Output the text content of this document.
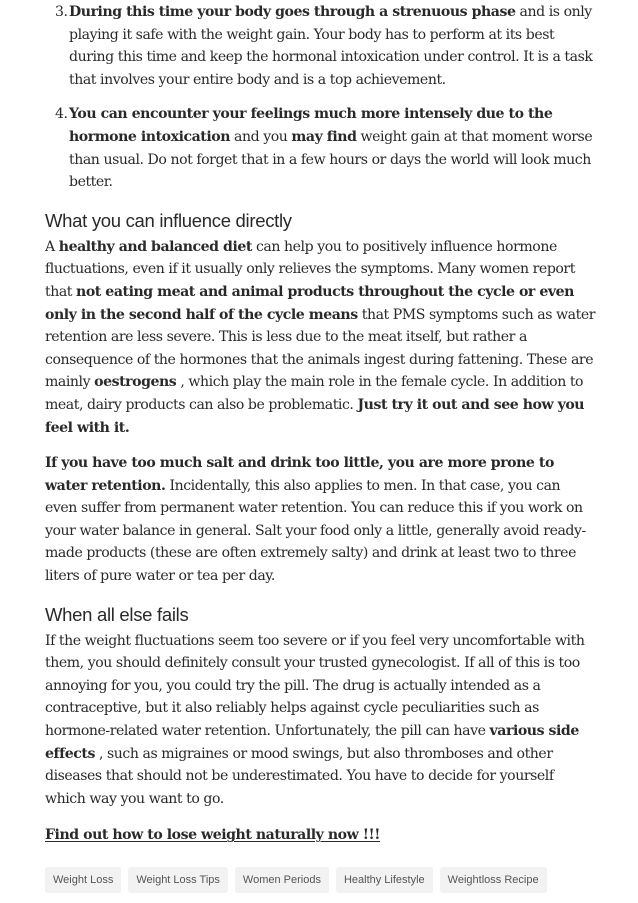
3. During this time your body goes through a strenuous phase and is only playing it safe with the weight gain. Your body has to perform at its best during this time and keep the hormonal intoxication under control. It is a task that involves your entire body and is a top achievement.
4. You can encounter your feelings much more intensely due to the hormone intoxication and you may find weight gain at that moment worse than usual. Do not forget that in a few hours or days the world will look much better.
What you can influence directly

A healthy and balanced diet can help you to positively influence hormone fluctuations, even if it usually only relieves the symptoms. Many women report that not eating meat and animal products throughout the cycle or even only in the second half of the cycle means that PMS symptoms such as water retention are less severe. This is less due to the meat itself, but rather a consequence of the hormones that the animals ingest during fattening. These are mainly oestrogens , which play the main role in the female cycle. In addition to meat, dairy products can also be problematic. Just try it out and see how you feel with it.

If you have too much salt and drink too little, you are more prone to water retention. Incidentally, this also applies to men. In that case, you can even suffer from permanent water retention. You can reduce this if you work on your water balance in general. Salt your food only a little, generally avoid ready-made products (these are often extremely salty) and drink at least two to three liters of pure water or tea per day.

When all else fails

If the weight fluctuations seem too severe or if you feel very uncomfortable with them, you should definitely consult your trusted gynecologist. If all of this is too annoying for you, you could try the pill. The drug is actually intended as a contraceptive, but it also reliably helps against cycle peculiarities such as hormone-related water retention. Unfortunately, the pill can have various side effects , such as migraines or mood swings, but also thromboses and other diseases that should not be underestimated. You have to decide for yourself which way you want to go.

Find out how to lose weight naturally now !!!

Weight Loss	Weight Loss Tips	Women Periods	Healthy Lifestyle	Weightloss Recipe
